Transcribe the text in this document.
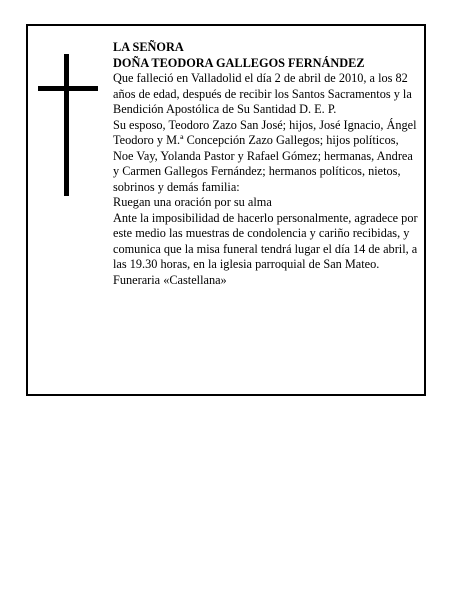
LA SEÑORA

DOÑA TEODORA GALLEGOS FERNÁNDEZ

Que falleció en Valladolid el día 2 de abril de 2010, a los 82 años de edad, después de recibir los Santos Sacramentos y la Bendición Apostólica de Su Santidad D. E. P.

Su esposo, Teodoro Zazo San José; hijos, José Ignacio, Ángel Teodoro y M.ª Concepción Zazo Gallegos; hijos políticos, Noe Vay, Yolanda Pastor y Rafael Gómez; hermanas, Andrea y Carmen Gallegos Fernández; hermanos políticos, nietos, sobrinos y demás familia:

Ruegan una oración por su alma

Ante la imposibilidad de hacerlo personalmente, agradece por este medio las muestras de condolencia y cariño recibidas, y comunica que la misa funeral tendrá lugar el día 14 de abril, a las 19.30 horas, en la iglesia parroquial de San Mateo.

Funeraria «Castellana»
